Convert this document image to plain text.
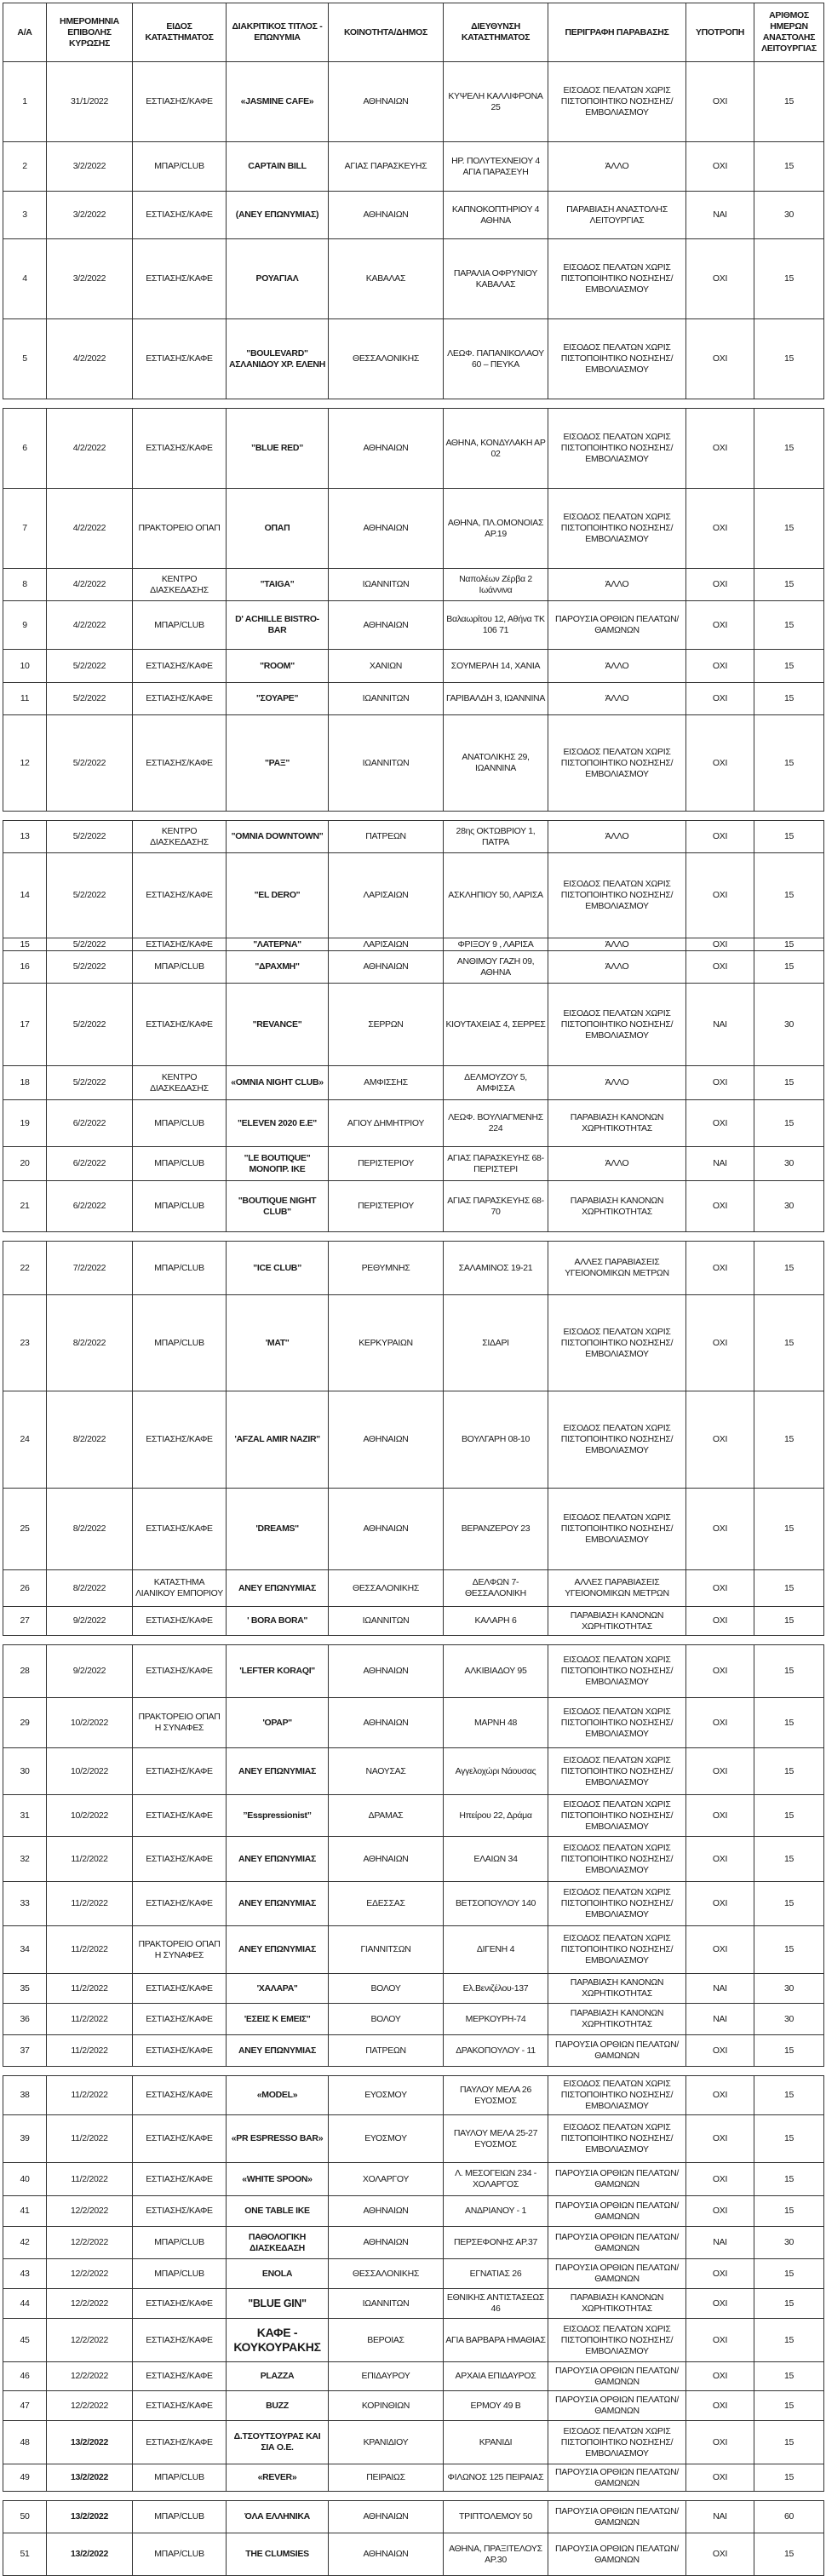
Α/Α	ΗΜΕΡΟΜΗΝΙΑ ΕΠΙΒΟΛΗΣ ΚΥΡΩΣΗΣ	ΕΙΔΟΣ ΚΑΤΑΣΤΗΜΑΤΟΣ	ΔΙΑΚΡΙΤΙΚΟΣ ΤΙΤΛΟΣ - ΕΠΩΝΥΜΙΑ	ΚΟΙΝΟΤΗΤΑ/ΔΗΜΟΣ	ΔΙΕΥΘΥΝΣΗ ΚΑΤΑΣΤΗΜΑΤΟΣ	ΠΕΡΙΓΡΑΦΗ ΠΑΡΑΒΑΣΗΣ	ΥΠΟΤΡΟΠΗ	ΑΡΙΘΜΟΣ ΗΜΕΡΩΝ ΑΝΑΣΤΟΛΗΣ ΛΕΙΤΟΥΡΓΙΑΣ
1	31/1/2022	ΕΣΤΙΑΣΗΣ/ΚΑΦΕ	«JASMINE CAFE»	ΑΘΗΝΑΙΩΝ	ΚΥΨΕΛΗ ΚΑΛΛΙΦΡΟΝΑ 25	ΕΙΣΟΔΟΣ ΠΕΛΑΤΩΝ ΧΩΡΙΣ ΠΙΣΤΟΠΟΙΗΤΙΚΟ ΝΟΣΗΣΗΣ/ΕΜΒΟΛΙΑΣΜΟΥ	ΟΧΙ	15
2	3/2/2022	ΜΠΑΡ/CLUB	CAPTAIN BILL	ΑΓΙΑΣ ΠΑΡΑΣΚΕΥΗΣ	ΗΡ. ΠΟΛΥΤΕΧΝΕΙΟΥ 4 ΑΓΙΑ ΠΑΡΑΣΕΥΗ	ΆΛΛΟ	ΟΧΙ	15
3	3/2/2022	ΕΣΤΙΑΣΗΣ/ΚΑΦΕ	(ΑΝΕΥ ΕΠΩΝΥΜΙΑΣ)	ΑΘΗΝΑΙΩΝ	ΚΑΠΝΟΚΟΠΤΗΡΙΟΥ 4 ΑΘΗΝΑ	ΠΑΡΑΒΙΑΣΗ ΑΝΑΣΤΟΛΗΣ ΛΕΙΤΟΥΡΓΙΑΣ	ΝΑΙ	30
4	3/2/2022	ΕΣΤΙΑΣΗΣ/ΚΑΦΕ	ΡΟΥΑΓΙΑΛ	ΚΑΒΑΛΑΣ	ΠΑΡΑΛΙΑ ΟΦΡΥΝΙΟΥ ΚΑΒΑΛΑΣ	ΕΙΣΟΔΟΣ ΠΕΛΑΤΩΝ ΧΩΡΙΣ ΠΙΣΤΟΠΟΙΗΤΙΚΟ ΝΟΣΗΣΗΣ/ΕΜΒΟΛΙΑΣΜΟΥ	ΟΧΙ	15
5	4/2/2022	ΕΣΤΙΑΣΗΣ/ΚΑΦΕ	"BOULEVARD" ΑΣΛΑΝΙΔΟΥ ΧΡ. ΕΛΕΝΗ	ΘΕΣΣΑΛΟΝΙΚΗΣ	ΛΕΩΦ. ΠΑΠΑΝΙΚΟΛΑΟΥ 60 – ΠΕΥΚΑ	ΕΙΣΟΔΟΣ ΠΕΛΑΤΩΝ ΧΩΡΙΣ ΠΙΣΤΟΠΟΙΗΤΙΚΟ ΝΟΣΗΣΗΣ/ΕΜΒΟΛΙΑΣΜΟΥ	ΟΧΙ	15
6	4/2/2022	ΕΣΤΙΑΣΗΣ/ΚΑΦΕ	’’BLUE RED’’	ΑΘΗΝΑΙΩΝ	ΑΘΗΝΑ, ΚΟΝΔΥΛΑΚΗ ΑΡ 02	ΕΙΣΟΔΟΣ ΠΕΛΑΤΩΝ ΧΩΡΙΣ ΠΙΣΤΟΠΟΙΗΤΙΚΟ ΝΟΣΗΣΗΣ/ΕΜΒΟΛΙΑΣΜΟΥ	ΟΧΙ	15
7	4/2/2022	ΠΡΑΚΤΟΡΕΙΟ ΟΠΑΠ	ΟΠΑΠ	ΑΘΗΝΑΙΩΝ	ΑΘΗΝΑ, ΠΛ.ΟΜΟΝΟΙΑΣ ΑΡ.19	ΕΙΣΟΔΟΣ ΠΕΛΑΤΩΝ ΧΩΡΙΣ ΠΙΣΤΟΠΟΙΗΤΙΚΟ ΝΟΣΗΣΗΣ/ΕΜΒΟΛΙΑΣΜΟΥ	ΟΧΙ	15
8	4/2/2022	ΚΕΝΤΡΟ ΔΙΑΣΚΕΔΑΣΗΣ	"TAIGA"	ΙΩΑΝΝΙΤΩΝ	Ναπολέων Ζέρβα 2 Ιωάννινα	ΆΛΛΟ	ΟΧΙ	15
9	4/2/2022	ΜΠΑΡ/CLUB	D' ACHILLE BISTRO-BAR	ΑΘΗΝΑΙΩΝ	Βαλαωρίτου 12, Αθήνα ΤΚ 106 71	ΠΑΡΟΥΣΙΑ ΟΡΘΙΩΝ ΠΕΛΑΤΩΝ/ΘΑΜΩΝΩΝ	ΟΧΙ	15
10	5/2/2022	ΕΣΤΙΑΣΗΣ/ΚΑΦΕ	"ROOM"	ΧΑΝΙΩΝ	ΣΟΥΜΕΡΛΗ 14, ΧΑΝΙΑ	ΆΛΛΟ	ΟΧΙ	15
11	5/2/2022	ΕΣΤΙΑΣΗΣ/ΚΑΦΕ	"ΣΟΥΑΡΕ"	ΙΩΑΝΝΙΤΩΝ	ΓΑΡΙΒΑΛΔΗ 3, ΙΩΑΝΝΙΝΑ	ΆΛΛΟ	ΟΧΙ	15
12	5/2/2022	ΕΣΤΙΑΣΗΣ/ΚΑΦΕ	"ΡΑΞ"	ΙΩΑΝΝΙΤΩΝ	ΑΝΑΤΟΛΙΚΗΣ 29, ΙΩΑΝΝΙΝΑ	ΕΙΣΟΔΟΣ ΠΕΛΑΤΩΝ ΧΩΡΙΣ ΠΙΣΤΟΠΟΙΗΤΙΚΟ ΝΟΣΗΣΗΣ/ΕΜΒΟΛΙΑΣΜΟΥ	ΟΧΙ	15
13	5/2/2022	ΚΕΝΤΡΟ ΔΙΑΣΚΕΔΑΣΗΣ	"OMNIA DOWNTOWN"	ΠΑΤΡΕΩΝ	28ης ΟΚΤΩΒΡΙΟΥ 1, ΠΑΤΡΑ	ΆΛΛΟ	ΟΧΙ	15
14	5/2/2022	ΕΣΤΙΑΣΗΣ/ΚΑΦΕ	"EL DERO"	ΛΑΡΙΣΑΙΩΝ	ΑΣΚΛΗΠΙΟΥ 50, ΛΑΡΙΣΑ	ΕΙΣΟΔΟΣ ΠΕΛΑΤΩΝ ΧΩΡΙΣ ΠΙΣΤΟΠΟΙΗΤΙΚΟ ΝΟΣΗΣΗΣ/ΕΜΒΟΛΙΑΣΜΟΥ	ΟΧΙ	15
15	5/2/2022	ΕΣΤΙΑΣΗΣ/ΚΑΦΕ	"ΛΑΤΕΡΝΑ"	ΛΑΡΙΣΑΙΩΝ	ΦΡΙΞΟΥ 9 , ΛΑΡΙΣΑ	ΆΛΛΟ	ΟΧΙ	15
16	5/2/2022	ΜΠΑΡ/CLUB	"ΔΡΑΧΜΗ"	ΑΘΗΝΑΙΩΝ	ΑΝΘΙΜΟΥ ΓΑΖΗ 09, ΑΘΗΝΑ	ΆΛΛΟ	ΟΧΙ	15
17	5/2/2022	ΕΣΤΙΑΣΗΣ/ΚΑΦΕ	"REVANCE"	ΣΕΡΡΩΝ	ΚΙΟΥΤΑΧΕΙΑΣ 4, ΣΕΡΡΕΣ	ΕΙΣΟΔΟΣ ΠΕΛΑΤΩΝ ΧΩΡΙΣ ΠΙΣΤΟΠΟΙΗΤΙΚΟ ΝΟΣΗΣΗΣ/ΕΜΒΟΛΙΑΣΜΟΥ	ΝΑΙ	30
18	5/2/2022	ΚΕΝΤΡΟ ΔΙΑΣΚΕΔΑΣΗΣ	«OMNIA NIGHT CLUB»	ΑΜΦΙΣΣΗΣ	ΔΕΛΜΟΥΖΟΥ 5, ΑΜΦΙΣΣΑ	ΆΛΛΟ	ΟΧΙ	15
19	6/2/2022	ΜΠΑΡ/CLUB	"ELEVEN 2020 E.E"	ΑΓΙΟΥ ΔΗΜΗΤΡΙΟΥ	ΛΕΩΦ. ΒΟΥΛΙΑΓΜΕΝΗΣ 224	ΠΑΡΑΒΙΑΣΗ ΚΑΝΟΝΩΝ ΧΩΡΗΤΙΚΟΤΗΤΑΣ	ΟΧΙ	15
20	6/2/2022	ΜΠΑΡ/CLUB	"LE BOUTIQUE" ΜΟΝΟΠΡ. ΙΚΕ	ΠΕΡΙΣΤΕΡΙΟΥ	ΑΓΙΑΣ ΠΑΡΑΣΚΕΥΗΣ 68-ΠΕΡΙΣΤΕΡΙ	ΆΛΛΟ	ΝΑΙ	30
21	6/2/2022	ΜΠΑΡ/CLUB	"BOUTIQUE NIGHT CLUB"	ΠΕΡΙΣΤΕΡΙΟΥ	ΑΓΙΑΣ ΠΑΡΑΣΚΕΥΗΣ 68-70	ΠΑΡΑΒΙΑΣΗ ΚΑΝΟΝΩΝ ΧΩΡΗΤΙΚΟΤΗΤΑΣ	ΟΧΙ	30
22	7/2/2022	ΜΠΑΡ/CLUB	’’ICE CLUB’’	ΡΕΘΥΜΝΗΣ	ΣΑΛΑΜΙΝΟΣ 19-21	ΑΛΛΕΣ ΠΑΡΑΒΙΑΣΕΙΣ ΥΓΕΙΟΝΟΜΙΚΩΝ ΜΕΤΡΩΝ	ΟΧΙ	15
23	8/2/2022	ΜΠΑΡ/CLUB	'ΜΑΤ''	ΚΕΡΚΥΡΑΙΩΝ	ΣΙΔΑΡΙ	ΕΙΣΟΔΟΣ ΠΕΛΑΤΩΝ ΧΩΡΙΣ ΠΙΣΤΟΠΟΙΗΤΙΚΟ ΝΟΣΗΣΗΣ/ΕΜΒΟΛΙΑΣΜΟΥ	ΟΧΙ	15
24	8/2/2022	ΕΣΤΙΑΣΗΣ/ΚΑΦΕ	'AFZAL AMIR NAZIR''	ΑΘΗΝΑΙΩΝ	ΒΟΥΛΓΑΡΗ 08-10	ΕΙΣΟΔΟΣ ΠΕΛΑΤΩΝ ΧΩΡΙΣ ΠΙΣΤΟΠΟΙΗΤΙΚΟ ΝΟΣΗΣΗΣ/ΕΜΒΟΛΙΑΣΜΟΥ	ΟΧΙ	15
25	8/2/2022	ΕΣΤΙΑΣΗΣ/ΚΑΦΕ	'DREAMS''	ΑΘΗΝΑΙΩΝ	ΒΕΡΑΝΖΕΡΟΥ 23	ΕΙΣΟΔΟΣ ΠΕΛΑΤΩΝ ΧΩΡΙΣ ΠΙΣΤΟΠΟΙΗΤΙΚΟ ΝΟΣΗΣΗΣ/ΕΜΒΟΛΙΑΣΜΟΥ	ΟΧΙ	15
26	8/2/2022	ΚΑΤΑΣΤΗΜΑ ΛΙΑΝΙΚΟΥ ΕΜΠΟΡΙΟΥ	ΑΝΕΥ ΕΠΩΝΥΜΙΑΣ	ΘΕΣΣΑΛΟΝΙΚΗΣ	ΔΕΛΦΩΝ 7- ΘΕΣΣΑΛΟΝΙΚΗ	ΑΛΛΕΣ ΠΑΡΑΒΙΑΣΕΙΣ ΥΓΕΙΟΝΟΜΙΚΩΝ ΜΕΤΡΩΝ	ΟΧΙ	15
27	9/2/2022	ΕΣΤΙΑΣΗΣ/ΚΑΦΕ	' BORA BORA''	ΙΩΑΝΝΙΤΩΝ	ΚΑΛΑΡΗ 6	ΠΑΡΑΒΙΑΣΗ ΚΑΝΟΝΩΝ ΧΩΡΗΤΙΚΟΤΗΤΑΣ	ΟΧΙ	15
28	9/2/2022	ΕΣΤΙΑΣΗΣ/ΚΑΦΕ	'LEFTER KORAQI''	ΑΘΗΝΑΙΩΝ	ΑΛΚΙΒΙΑΔΟΥ 95	ΕΙΣΟΔΟΣ ΠΕΛΑΤΩΝ ΧΩΡΙΣ ΠΙΣΤΟΠΟΙΗΤΙΚΟ ΝΟΣΗΣΗΣ/ΕΜΒΟΛΙΑΣΜΟΥ	ΟΧΙ	15
29	10/2/2022	ΠΡΑΚΤΟΡΕΙΟ ΟΠΑΠ Η ΣΥΝΑΦΕΣ	'OPAP''	ΑΘΗΝΑΙΩΝ	ΜΑΡΝΗ 48	ΕΙΣΟΔΟΣ ΠΕΛΑΤΩΝ ΧΩΡΙΣ ΠΙΣΤΟΠΟΙΗΤΙΚΟ ΝΟΣΗΣΗΣ/ΕΜΒΟΛΙΑΣΜΟΥ	ΟΧΙ	15
30	10/2/2022	ΕΣΤΙΑΣΗΣ/ΚΑΦΕ	ΑΝΕΥ ΕΠΩΝΥΜΙΑΣ	ΝΑΟΥΣΑΣ	Αγγελοχώρι Νάουσας	ΕΙΣΟΔΟΣ ΠΕΛΑΤΩΝ ΧΩΡΙΣ ΠΙΣΤΟΠΟΙΗΤΙΚΟ ΝΟΣΗΣΗΣ/ΕΜΒΟΛΙΑΣΜΟΥ	ΟΧΙ	15
31	10/2/2022	ΕΣΤΙΑΣΗΣ/ΚΑΦΕ	’’Esspressionist’’	ΔΡΑΜΑΣ	Ηπείρου 22, Δράμα	ΕΙΣΟΔΟΣ ΠΕΛΑΤΩΝ ΧΩΡΙΣ ΠΙΣΤΟΠΟΙΗΤΙΚΟ ΝΟΣΗΣΗΣ/ΕΜΒΟΛΙΑΣΜΟΥ	ΟΧΙ	15
32	11/2/2022	ΕΣΤΙΑΣΗΣ/ΚΑΦΕ	ΑΝΕΥ ΕΠΩΝΥΜΙΑΣ	ΑΘΗΝΑΙΩΝ	ΕΛΑΙΩΝ 34	ΕΙΣΟΔΟΣ ΠΕΛΑΤΩΝ ΧΩΡΙΣ ΠΙΣΤΟΠΟΙΗΤΙΚΟ ΝΟΣΗΣΗΣ/ΕΜΒΟΛΙΑΣΜΟΥ	ΟΧΙ	15
33	11/2/2022	ΕΣΤΙΑΣΗΣ/ΚΑΦΕ	ΑΝΕΥ ΕΠΩΝΥΜΙΑΣ	ΕΔΕΣΣΑΣ	ΒΕΤΣΟΠΟΥΛΟΥ 140	ΕΙΣΟΔΟΣ ΠΕΛΑΤΩΝ ΧΩΡΙΣ ΠΙΣΤΟΠΟΙΗΤΙΚΟ ΝΟΣΗΣΗΣ/ΕΜΒΟΛΙΑΣΜΟΥ	ΟΧΙ	15
34	11/2/2022	ΠΡΑΚΤΟΡΕΙΟ ΟΠΑΠ Η ΣΥΝΑΦΕΣ	ΑΝΕΥ ΕΠΩΝΥΜΙΑΣ	ΓΙΑΝΝΙΤΣΩΝ	ΔΙΓΕΝΗ 4	ΕΙΣΟΔΟΣ ΠΕΛΑΤΩΝ ΧΩΡΙΣ ΠΙΣΤΟΠΟΙΗΤΙΚΟ ΝΟΣΗΣΗΣ/ΕΜΒΟΛΙΑΣΜΟΥ	ΟΧΙ	15
35	11/2/2022	ΕΣΤΙΑΣΗΣ/ΚΑΦΕ	'ΧΑΛΑΡΑ''	ΒΟΛΟΥ	Ελ.Βενιζέλου-137	ΠΑΡΑΒΙΑΣΗ ΚΑΝΟΝΩΝ ΧΩΡΗΤΙΚΟΤΗΤΑΣ	ΝΑΙ	30
36	11/2/2022	ΕΣΤΙΑΣΗΣ/ΚΑΦΕ	'ΕΣΕΙΣ Κ ΕΜΕΙΣ''	ΒΟΛΟΥ	ΜΕΡΚΟΥΡΗ-74	ΠΑΡΑΒΙΑΣΗ ΚΑΝΟΝΩΝ ΧΩΡΗΤΙΚΟΤΗΤΑΣ	ΝΑΙ	30
37	11/2/2022	ΕΣΤΙΑΣΗΣ/ΚΑΦΕ	ΑΝΕΥ ΕΠΩΝΥΜΙΑΣ	ΠΑΤΡΕΩΝ	ΔΡΑΚΟΠΟΥΛΟΥ - 11	ΠΑΡΟΥΣΙΑ ΟΡΘΙΩΝ ΠΕΛΑΤΩΝ/ΘΑΜΩΝΩΝ	ΟΧΙ	15
38	11/2/2022	ΕΣΤΙΑΣΗΣ/ΚΑΦΕ	«MODEL»	ΕΥΟΣΜΟΥ	ΠΑΥΛΟΥ ΜΕΛΑ 26 ΕΥΟΣΜΟΣ	ΕΙΣΟΔΟΣ ΠΕΛΑΤΩΝ ΧΩΡΙΣ ΠΙΣΤΟΠΟΙΗΤΙΚΟ ΝΟΣΗΣΗΣ/ΕΜΒΟΛΙΑΣΜΟΥ	ΟΧΙ	15
39	11/2/2022	ΕΣΤΙΑΣΗΣ/ΚΑΦΕ	«PR ESPRESSO BAR»	ΕΥΟΣΜΟΥ	ΠΑΥΛΟΥ ΜΕΛΑ 25-27 ΕΥΟΣΜΟΣ	ΕΙΣΟΔΟΣ ΠΕΛΑΤΩΝ ΧΩΡΙΣ ΠΙΣΤΟΠΟΙΗΤΙΚΟ ΝΟΣΗΣΗΣ/ΕΜΒΟΛΙΑΣΜΟΥ	ΟΧΙ	15
40	11/2/2022	ΕΣΤΙΑΣΗΣ/ΚΑΦΕ	«WHITE SPOON»	ΧΟΛΑΡΓΟΥ	Λ. ΜΕΣΟΓΕΙΩΝ 234 - ΧΟΛΑΡΓΟΣ	ΠΑΡΟΥΣΙΑ ΟΡΘΙΩΝ ΠΕΛΑΤΩΝ/ΘΑΜΩΝΩΝ	ΟΧΙ	15
41	12/2/2022	ΕΣΤΙΑΣΗΣ/ΚΑΦΕ	ONE TABLE ΙΚΕ	ΑΘΗΝΑΙΩΝ	ΑΝΔΡΙΑΝΟΥ - 1	ΠΑΡΟΥΣΙΑ ΟΡΘΙΩΝ ΠΕΛΑΤΩΝ/ΘΑΜΩΝΩΝ	ΟΧΙ	15
42	12/2/2022	ΜΠΑΡ/CLUB	ΠΑΘΟΛΟΓΙΚΗ ΔΙΑΣΚΕΔΑΣΗ	ΑΘΗΝΑΙΩΝ	ΠΕΡΣΕΦΟΝΗΣ ΑΡ.37	ΠΑΡΟΥΣΙΑ ΟΡΘΙΩΝ ΠΕΛΑΤΩΝ/ΘΑΜΩΝΩΝ	ΝΑΙ	30
43	12/2/2022	ΜΠΑΡ/CLUB	ENOLA	ΘΕΣΣΑΛΟΝΙΚΗΣ	ΕΓΝΑΤΙΑΣ 26	ΠΑΡΟΥΣΙΑ ΟΡΘΙΩΝ ΠΕΛΑΤΩΝ/ΘΑΜΩΝΩΝ	ΟΧΙ	15
44	12/2/2022	ΕΣΤΙΑΣΗΣ/ΚΑΦΕ	"BLUE GIN"	ΙΩΑΝΝΙΤΩΝ	ΕΘΝΙΚΗΣ ΑΝΤΙΣΤΑΣΕΩΣ 46	ΠΑΡΑΒΙΑΣΗ ΚΑΝΟΝΩΝ ΧΩΡΗΤΙΚΟΤΗΤΑΣ	ΟΧΙ	15
45	12/2/2022	ΕΣΤΙΑΣΗΣ/ΚΑΦΕ	ΚΑΦΕ - ΚΟΥΚΟΥΡΑΚΗΣ	ΒΕΡΟΙΑΣ	ΑΓΙΑ ΒΑΡΒΑΡΑ ΗΜΑΘΙΑΣ	ΕΙΣΟΔΟΣ ΠΕΛΑΤΩΝ ΧΩΡΙΣ ΠΙΣΤΟΠΟΙΗΤΙΚΟ ΝΟΣΗΣΗΣ/ΕΜΒΟΛΙΑΣΜΟΥ	ΟΧΙ	15
46	12/2/2022	ΕΣΤΙΑΣΗΣ/ΚΑΦΕ	PLAZZA	ΕΠΙΔΑΥΡΟΥ	ΑΡΧΑΙΑ ΕΠΙΔΑΥΡΟΣ	ΠΑΡΟΥΣΙΑ ΟΡΘΙΩΝ ΠΕΛΑΤΩΝ/ΘΑΜΩΝΩΝ	ΟΧΙ	15
47	12/2/2022	ΕΣΤΙΑΣΗΣ/ΚΑΦΕ	BUZZ	ΚΟΡΙΝΘΙΩΝ	ΕΡΜΟΥ 49 Β	ΠΑΡΟΥΣΙΑ ΟΡΘΙΩΝ ΠΕΛΑΤΩΝ/ΘΑΜΩΝΩΝ	ΟΧΙ	15
48	13/2/2022	ΕΣΤΙΑΣΗΣ/ΚΑΦΕ	Δ.ΤΣΟΥΤΣΟΥΡΑΣ ΚΑΙ ΣΙΑ Ο.Ε.	ΚΡΑΝΙΔΙΟΥ	ΚΡΑΝΙΔΙ	ΕΙΣΟΔΟΣ ΠΕΛΑΤΩΝ ΧΩΡΙΣ ΠΙΣΤΟΠΟΙΗΤΙΚΟ ΝΟΣΗΣΗΣ/ΕΜΒΟΛΙΑΣΜΟΥ	ΟΧΙ	15
49	13/2/2022	ΜΠΑΡ/CLUB	«REVER»	ΠΕΙΡΑΙΩΣ	ΦΙΛΩΝΟΣ 125 ΠΕΙΡΑΙΑΣ	ΠΑΡΟΥΣΙΑ ΟΡΘΙΩΝ ΠΕΛΑΤΩΝ/ΘΑΜΩΝΩΝ	ΟΧΙ	15
50	13/2/2022	ΜΠΑΡ/CLUB	ΌΛΑ ΕΛΛΗΝΙΚΑ	ΑΘΗΝΑΙΩΝ	ΤΡΙΠΤΟΛΕΜΟΥ 50	ΠΑΡΟΥΣΙΑ ΟΡΘΙΩΝ ΠΕΛΑΤΩΝ/ΘΑΜΩΝΩΝ	ΝΑΙ	60
51	13/2/2022	ΜΠΑΡ/CLUB	THE CLUMSIES	ΑΘΗΝΑΙΩΝ	ΑΘΗΝΑ, ΠΡΑΞΙΤΕΛΟΥΣ ΑΡ.30	ΠΑΡΟΥΣΙΑ ΟΡΘΙΩΝ ΠΕΛΑΤΩΝ/ΘΑΜΩΝΩΝ	ΟΧΙ	15
